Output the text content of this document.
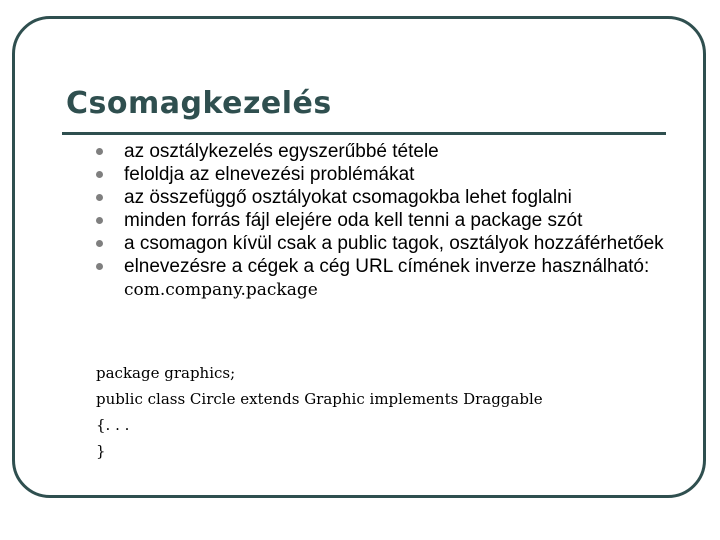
Csomagkezelés
az osztálykezelés egyszerűbbé tétele
feloldja az elnevezési problémákat
az összefüggő osztályokat csomagokba lehet foglalni
minden forrás fájl elejére oda kell tenni a package szót
a csomagon kívül csak a public tagok, osztályok hozzáférhetőek
elnevezésre a cégek a cég URL címének inverze használható: com.company.package
package graphics;
public class Circle extends Graphic implements Draggable
{. . .
}
